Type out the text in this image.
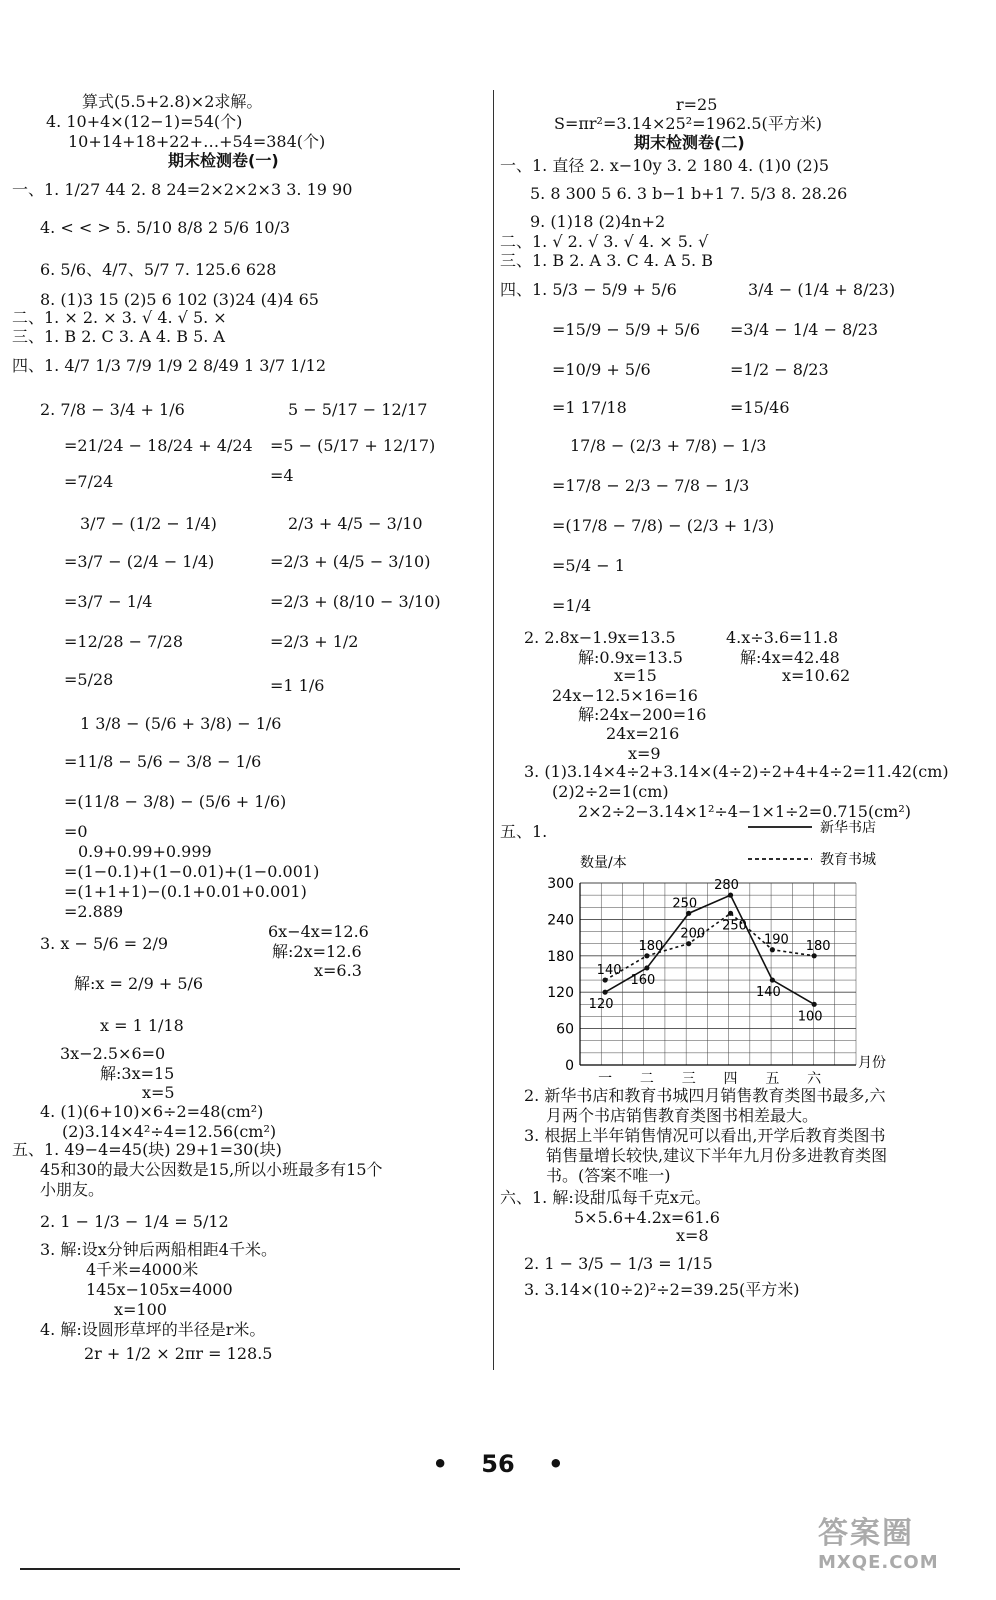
算式(5.5+2.8)×2求解。
4. 10+4×(12−1)=54(个)
10+14+18+22+…+54=384(个)
期末检测卷(一)
一、1. 1/27 44 2. 8 24=2×2×2×3 3. 19 90
4. < < > 5. 5/10 8/8 2 5/6 10/3
6. 5/6、4/7、5/7 7. 125.6 628
8. (1)3 15 (2)5 6 102 (3)24 (4)4 65
二、1. × 2. × 3. √ 4. √ 5. ×
三、1. B 2. C 3. A 4. B 5. A
四、1. 4/7 1/3 7/9 1/9 2 8/49 1 3/7 1/12
2. 7/8 − 3/4 + 1/6
=21/24 − 18/24 + 4/24
=7/24
3/7 − (1/2 − 1/4)
=3/7 − (2/4 − 1/4)
=3/7 − 1/4
=12/28 − 7/28
=5/28
1 3/8 − (5/6 + 3/8) − 1/6
=11/8 − 5/6 − 3/8 − 1/6
=(11/8 − 3/8) − (5/6 + 1/6)
=0
0.9+0.99+0.999
=(1−0.1)+(1−0.01)+(1−0.001)
=(1+1+1)−(0.1+0.01+0.001)
=2.889
3. x − 5/6 = 2/9
解:x = 2/9 + 5/6
x = 1 1/18
3x−2.5×6=0
解:3x=15
x=5
4. (1)(6+10)×6÷2=48(cm²)
(2)3.14×4²÷4=12.56(cm²)
五、1. 49−4=45(块) 29+1=30(块)
45和30的最大公因数是15,所以小班最多有15个
小朋友。
2. 1 − 1/3 − 1/4 = 5/12
3. 解:设x分钟后两船相距4千米。
4千米=4000米
145x−105x=4000
x=100
4. 解:设圆形草坪的半径是r米。
2r + 1/2 × 2πr = 128.5
5 − 5/17 − 12/17
=5 − (5/17 + 12/17)
=4
2/3 + 4/5 − 3/10
=2/3 + (4/5 − 3/10)
=2/3 + (8/10 − 3/10)
=2/3 + 1/2
=1 1/6
6x−4x=12.6
解:2x=12.6
x=6.3
r=25
S=πr²=3.14×25²=1962.5(平方米)
期末检测卷(二)
一、1. 直径 2. x−10y 3. 2 180 4. (1)0 (2)5
5. 8 300 5 6. 3 b−1 b+1 7. 5/3 8. 28.26
9. (1)18 (2)4n+2
二、1. √ 2. √ 3. √ 4. × 5. √
三、1. B 2. A 3. C 4. A 5. B
四、1. 5/3 − 5/9 + 5/6
=15/9 − 5/9 + 5/6
=10/9 + 5/6
=1 17/18
17/8 − (2/3 + 7/8) − 1/3
=17/8 − 2/3 − 7/8 − 1/3
=(17/8 − 7/8) − (2/3 + 1/3)
=5/4 − 1
=1/4
2. 2.8x−1.9x=13.5
解:0.9x=13.5
x=15
24x−12.5×16=16
解:24x−200=16
24x=216
x=9
3. (1)3.14×4÷2+3.14×(4÷2)÷2+4+4÷2=11.42(cm)
(2)2÷2=1(cm)
2×2÷2−3.14×1²÷4−1×1÷2=0.715(cm²)
五、1.
2. 新华书店和教育书城四月销售教育类图书最多,六
月两个书店销售教育类图书相差最大。
3. 根据上半年销售情况可以看出,开学后教育类图书
销售量增长较快,建议下半年九月份多进教育类图
书。(答案不唯一)
六、1. 解:设甜瓜每千克x元。
5×5.6+4.2x=61.6
x=8
2. 1 − 3/5 − 1/3 = 1/15
3. 3.14×(10÷2)²÷2=39.25(平方米)
3/4 − (1/4 + 8/23)
=3/4 − 1/4 − 8/23
=1/2 − 8/23
=15/46
4.x÷3.6=11.8
解:4x=42.48
x=10.62
120
160
250
280
140
100
140
180
200
250
190 180
0
60
120
180
240
300
一 二 三 四 五 六
新华书店
教育书城
数量/本
月份
• 56 •
答案圈
MXQE.COM
